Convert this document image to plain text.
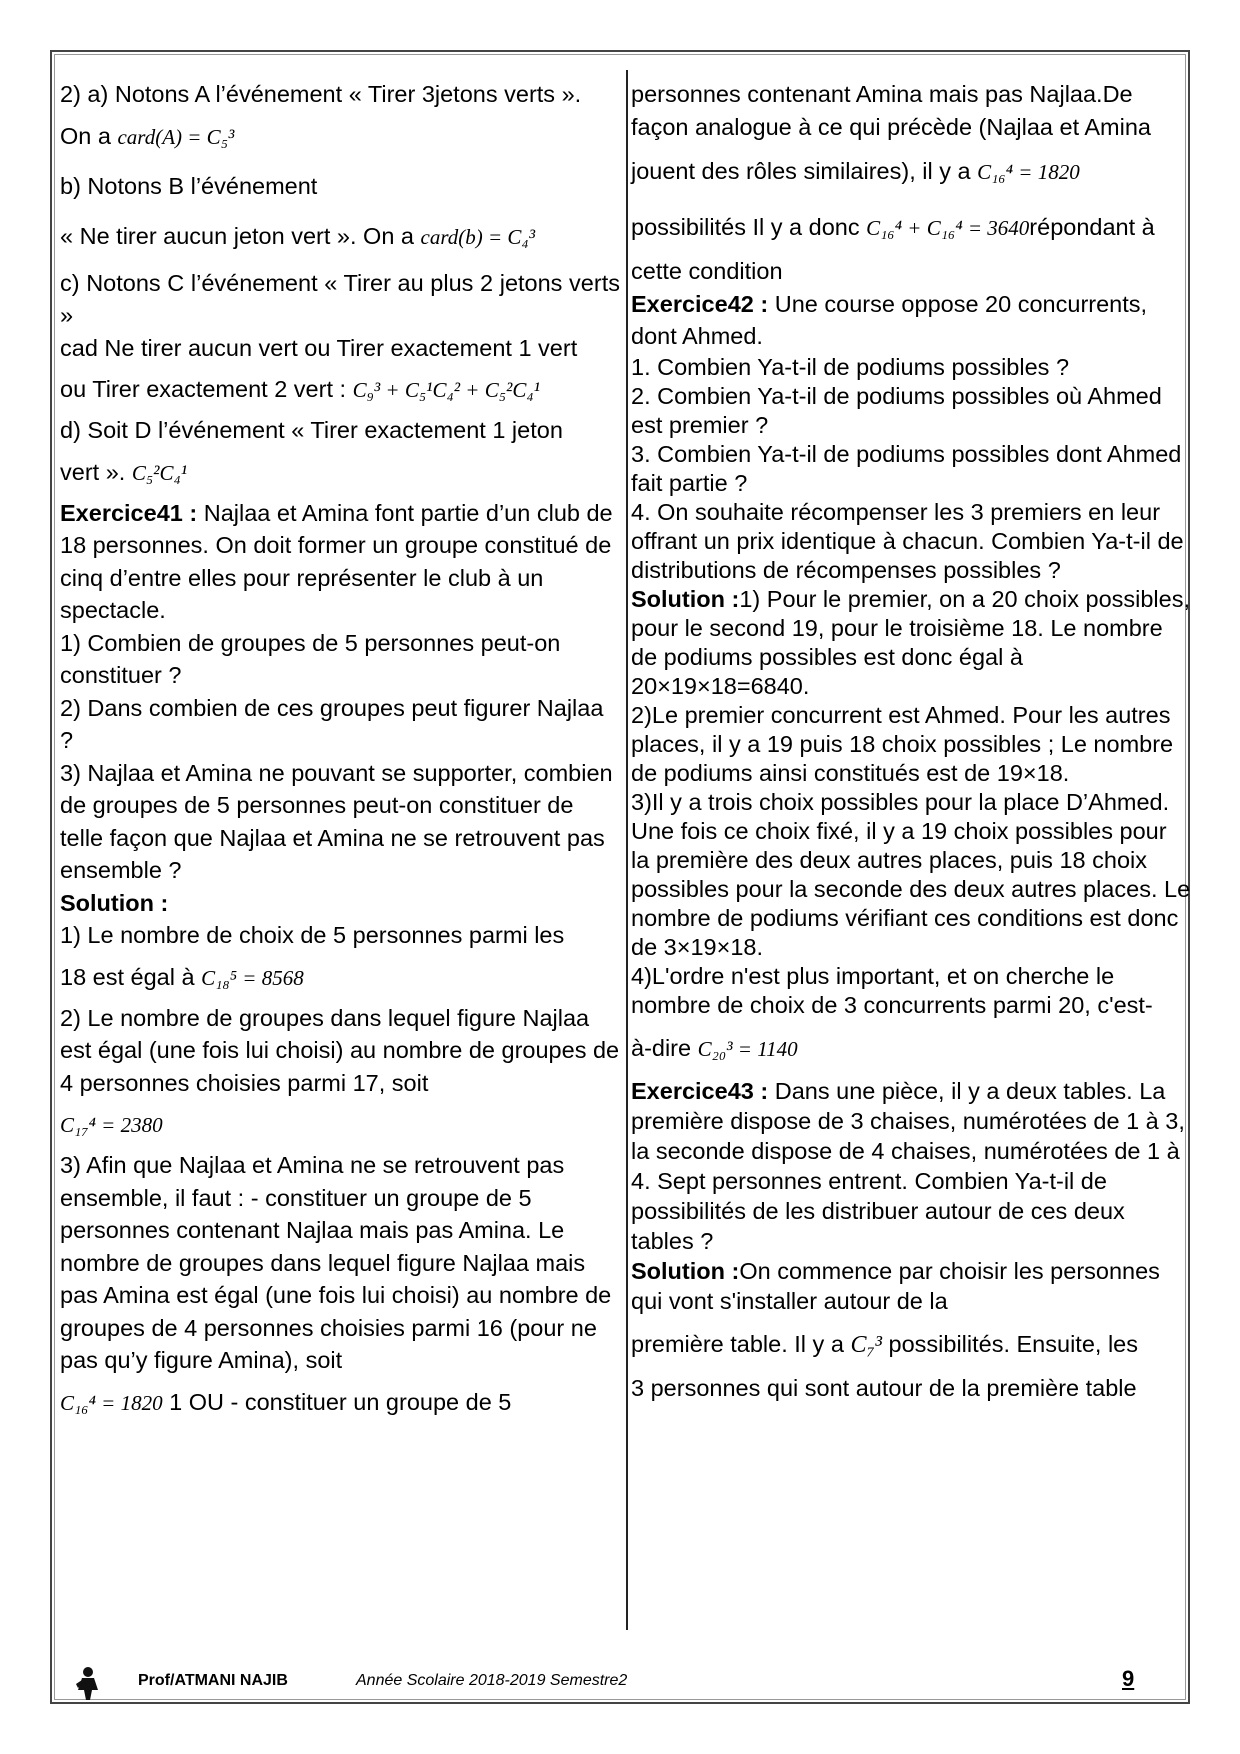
2) a) Notons A l’événement « Tirer 3jetons verts ».

On a card(A) = C₅³

b) Notons B l’événement

« Ne tirer aucun jeton vert ». On a card(b) = C₄³

c) Notons C l’événement « Tirer au plus 2 jetons verts »

cad Ne tirer aucun vert ou Tirer exactement 1 vert

ou Tirer exactement 2 vert : C₉³ + C₅¹C₄² + C₅²C₄¹

d) Soit D l’événement « Tirer exactement 1 jeton

vert ». C₅²C₄¹

Exercice41 : Najlaa et Amina font partie d’un club de 18 personnes. On doit former un groupe constitué de cinq d’entre elles pour représenter le club à un spectacle.

1) Combien de groupes de 5 personnes peut-on constituer ?

2) Dans combien de ces groupes peut figurer Najlaa ?

3) Najlaa et Amina ne pouvant se supporter, combien de groupes de 5 personnes peut-on constituer de telle façon que Najlaa et Amina ne se retrouvent pas ensemble ?

Solution :

1) Le nombre de choix de 5 personnes parmi les

18 est égal à C₁₈⁵ = 8568

2) Le nombre de groupes dans lequel figure Najlaa est égal (une fois lui choisi) au nombre de groupes de 4 personnes choisies parmi 17, soit

C₁₇⁴ = 2380

3) Afin que Najlaa et Amina ne se retrouvent pas ensemble, il faut : - constituer un groupe de 5 personnes contenant Najlaa mais pas Amina. Le nombre de groupes dans lequel figure Najlaa mais pas Amina est égal (une fois lui choisi) au nombre de groupes de 4 personnes choisies parmi 16 (pour ne pas qu’y figure Amina), soit

C₁₆⁴ = 1820 1 OU - constituer un groupe de 5

personnes contenant Amina mais pas Najlaa.De façon analogue à ce qui précède (Najlaa et Amina

jouent des rôles similaires), il y a C₁₆⁴ = 1820

possibilités Il y a donc C₁₆⁴ + C₁₆⁴ = 3640répondant à

cette condition

Exercice42 : Une course oppose 20 concurrents, dont Ahmed.

1. Combien Ya-t-il de podiums possibles ?

2. Combien Ya-t-il de podiums possibles où Ahmed est premier ?

3. Combien Ya-t-il de podiums possibles dont Ahmed fait partie ?

4. On souhaite récompenser les 3 premiers en leur offrant un prix identique à chacun. Combien Ya-t-il de distributions de récompenses possibles ?

Solution :1) Pour le premier, on a 20 choix possibles, pour le second 19, pour le troisième 18. Le nombre de podiums possibles est donc égal à 20×19×18=6840.

2)Le premier concurrent est Ahmed. Pour les autres places, il y a 19 puis 18 choix possibles ; Le nombre de podiums ainsi constitués est de 19×18.

3)Il y a trois choix possibles pour la place D’Ahmed. Une fois ce choix fixé, il y a 19 choix possibles pour la première des deux autres places, puis 18 choix possibles pour la seconde des deux autres places. Le nombre de podiums vérifiant ces conditions est donc de 3×19×18.

4)L'ordre n'est plus important, et on cherche le nombre de choix de 3 concurrents parmi 20, c'est-

à-dire C₂₀³ = 1140

Exercice43 : Dans une pièce, il y a deux tables. La première dispose de 3 chaises, numérotées de 1 à 3, la seconde dispose de 4 chaises, numérotées de 1 à 4. Sept personnes entrent. Combien Ya-t-il de possibilités de les distribuer autour de ces deux tables ?

Solution :On commence par choisir les personnes qui vont s'installer autour de la

première table. Il y a C₇³ possibilités. Ensuite, les

3 personnes qui sont autour de la première table

Prof/ATMANI NAJIB	Année Scolaire 2018-2019 Semestre2	9
